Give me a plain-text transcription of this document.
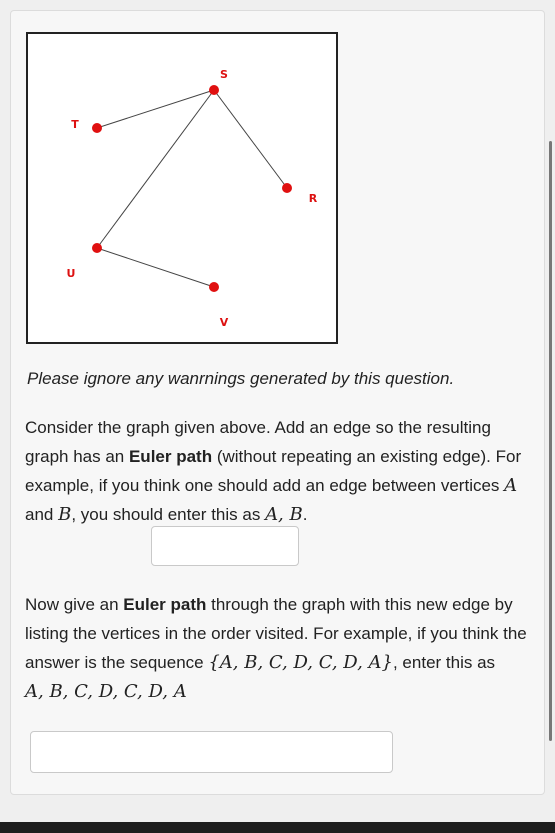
S
T
R
U
V
Please ignore any wanrnings generated by this question.
Consider the graph given above. Add an edge so the resulting graph has an Euler path (without repeating an existing edge). For example, if you think one should add an edge between vertices A and B, you should enter this as A, B.
Now give an Euler path through the graph with this new edge by listing the vertices in the order visited. For example, if you think the answer is the sequence {A, B, C, D, C, D, A}, enter this as
A, B, C, D, C, D, A
